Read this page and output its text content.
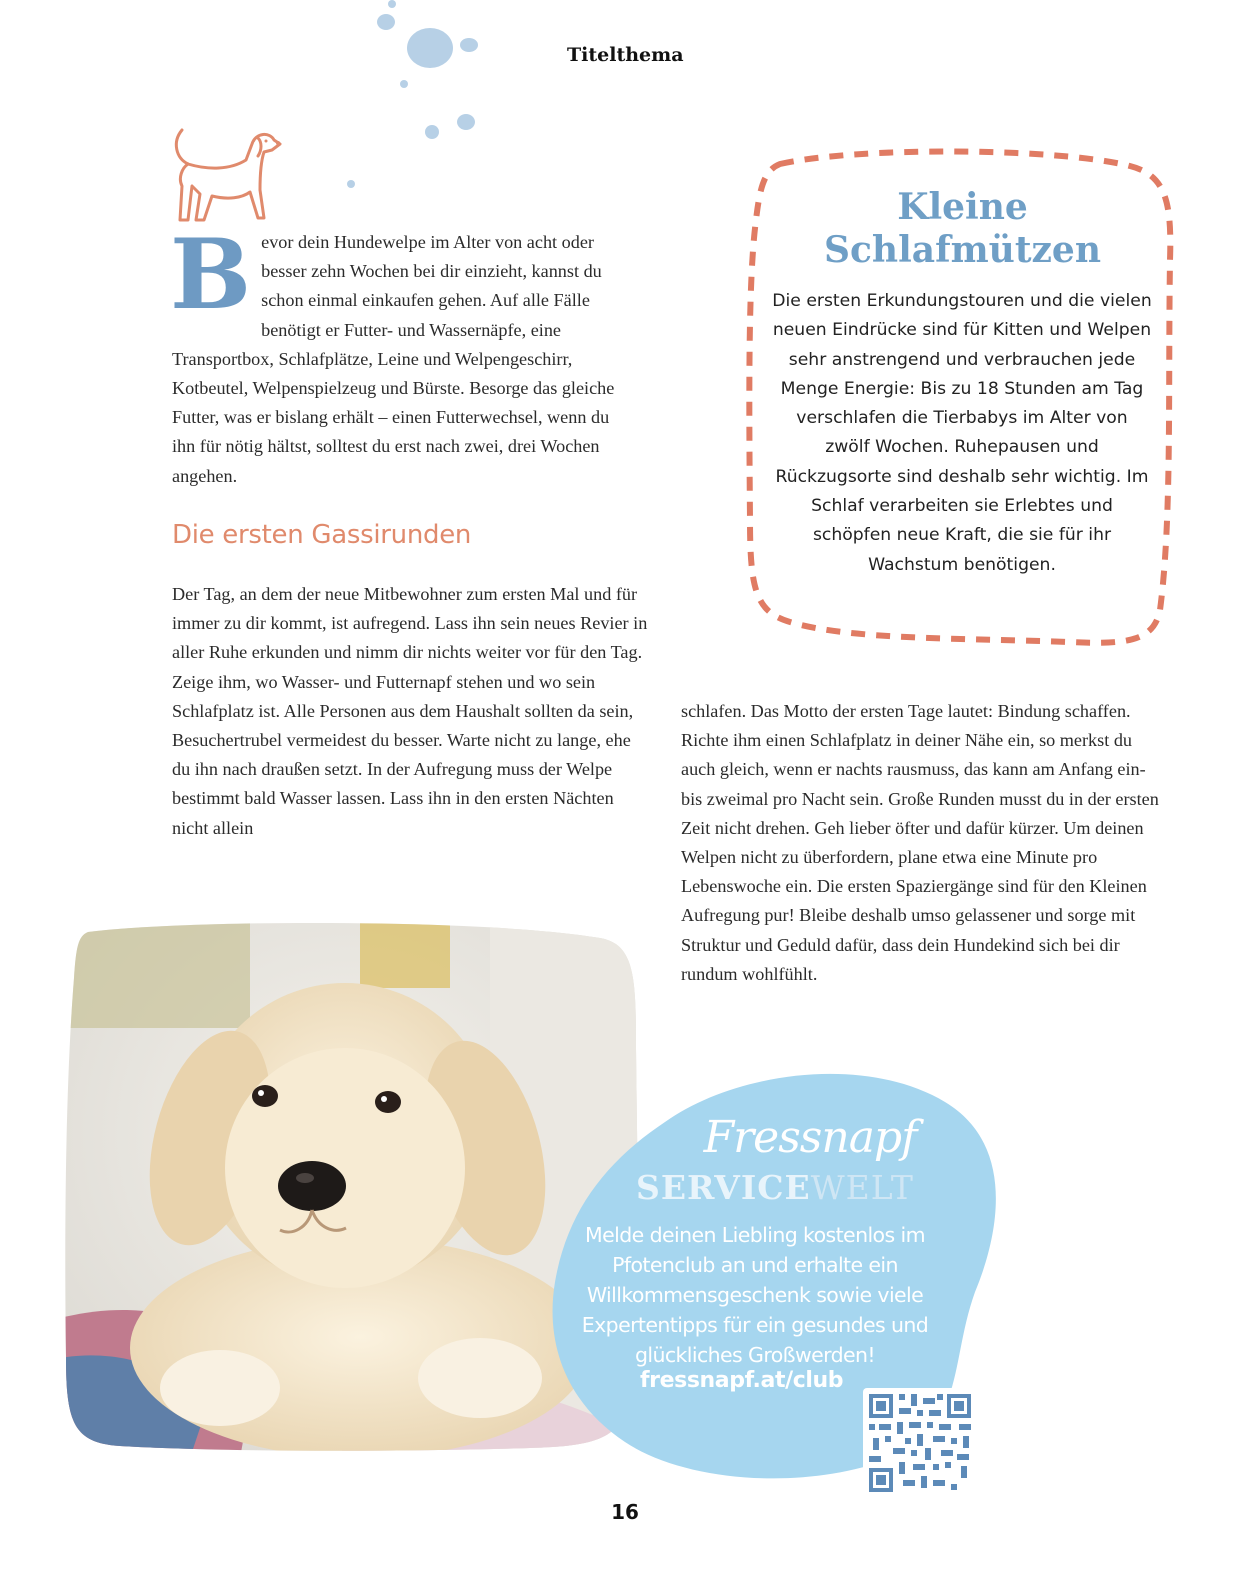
Titelthema

Bevor dein Hundewelpe im Alter von acht oder besser zehn Wochen bei dir einzieht, kannst du schon einmal einkaufen gehen. Auf alle Fälle benötigt er Futter- und Wassernäpfe, eine Transportbox, Schlafplätze, Leine und Welpengeschirr, Kotbeutel, Welpenspielzeug und Bürste. Besorge das gleiche Futter, was er bislang erhält – einen Futterwechsel, wenn du ihn für nötig hältst, solltest du erst nach zwei, drei Wochen angehen.

Die ersten Gassirunden

Der Tag, an dem der neue Mitbewohner zum ersten Mal und für immer zu dir kommt, ist aufregend. Lass ihn sein neues Revier in aller Ruhe erkunden und nimm dir nichts weiter vor für den Tag. Zeige ihm, wo Wasser- und Futternapf stehen und wo sein Schlafplatz ist. Alle Personen aus dem Haushalt sollten da sein, Besuchertrubel vermeidest du besser. Warte nicht zu lange, ehe du ihn nach draußen setzt. In der Aufregung muss der Welpe bestimmt bald Wasser lassen. Lass ihn in den ersten Nächten nicht allein

schlafen. Das Motto der ersten Tage lautet: Bindung schaffen. Richte ihm einen Schlafplatz in deiner Nähe ein, so merkst du auch gleich, wenn er nachts rausmuss, das kann am Anfang ein- bis zweimal pro Nacht sein. Große Runden musst du in der ersten Zeit nicht drehen. Geh lieber öfter und dafür kürzer. Um deinen Welpen nicht zu überfordern, plane etwa eine Minute pro Lebenswoche ein. Die ersten Spaziergänge sind für den Kleinen Aufregung pur! Bleibe deshalb umso gelassener und sorge mit Struktur und Geduld dafür, dass dein Hundekind sich bei dir rundum wohlfühlt.

Kleine Schlafmützen

Die ersten Erkundungstouren und die vielen neuen Eindrücke sind für Kitten und Welpen sehr anstrengend und verbrauchen jede Menge Energie: Bis zu 18 Stunden am Tag verschlafen die Tierbabys im Alter von zwölf Wochen. Ruhepausen und Rückzugsorte sind deshalb sehr wichtig. Im Schlaf verarbeiten sie Erlebtes und schöpfen neue Kraft, die sie für ihr Wachstum benötigen.

Fressnapf
SERVICEWELT

Melde deinen Liebling kostenlos im Pfotenclub an und erhalte ein Willkommensgeschenk sowie viele Expertentipps für ein gesundes und glückliches Großwerden!

fressnapf.at/club
16
